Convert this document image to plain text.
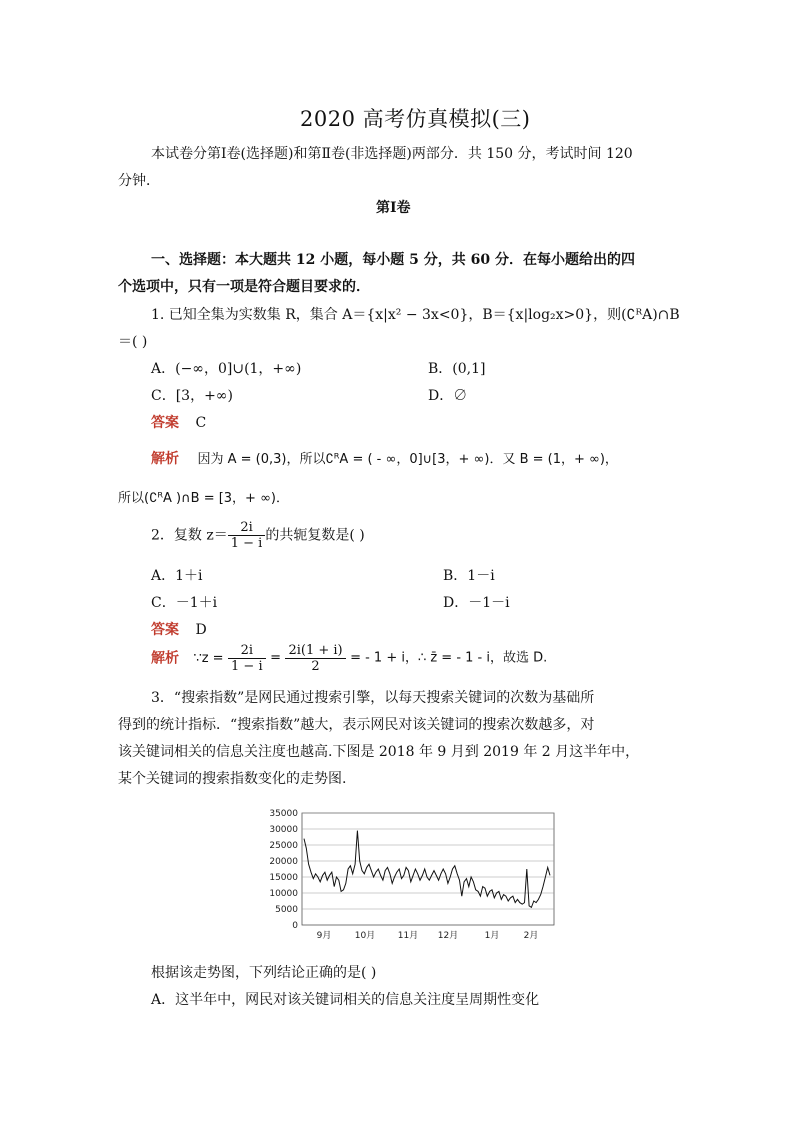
2020 高考仿真模拟(三)
本试卷分第Ⅰ卷(选择题)和第Ⅱ卷(非选择题)两部分．共 150 分，考试时间 120
分钟．
第Ⅰ卷
一、选择题：本大题共 12 小题，每小题 5 分，共 60 分．在每小题给出的四
个选项中，只有一项是符合题目要求的．
1. 已知全集为实数集 R，集合 A＝{x|x² − 3x<0}，B＝{x|log₂x>0}，则(∁ᴿA)∩B
＝( )
A．(−∞，0]∪(1，+∞)	B．(0,1]
C．[3，+∞)	D．∅
答案 C
解析 因为 A = (0,3)，所以∁ᴿA = ( - ∞，0]∪[3，+ ∞)．又 B = (1，+ ∞)，
所以(∁ᴿA )∩B = [3，+ ∞)．
2．复数 $z= \frac{2i}{1 - i}$ 的共轭复数是( )
A．1＋i	B．1－i
C．－1＋i	D．－1－i
答案 D
解析 ∵z = $\frac{2i}{1 - i} = \frac{2i(1 + i)}{2}$ = - 1 + i，∴ z̄ = - 1 - i，故选 D.
3．“搜索指数”是网民通过搜索引擎，以每天搜索关键词的次数为基础所
得到的统计指标．“搜索指数”越大，表示网民对该关键词的搜索次数越多，对
该关键词相关的信息关注度也越高.下图是 2018 年 9 月到 2019 年 2 月这半年中，
某个关键词的搜索指数变化的走势图.
35000
30000
25000
20000
15000
10000
5000
0
9月	10月	11月 12月	1月	2月
根据该走势图，下列结论正确的是( )
A．这半年中，网民对该关键词相关的信息关注度呈周期性变化
